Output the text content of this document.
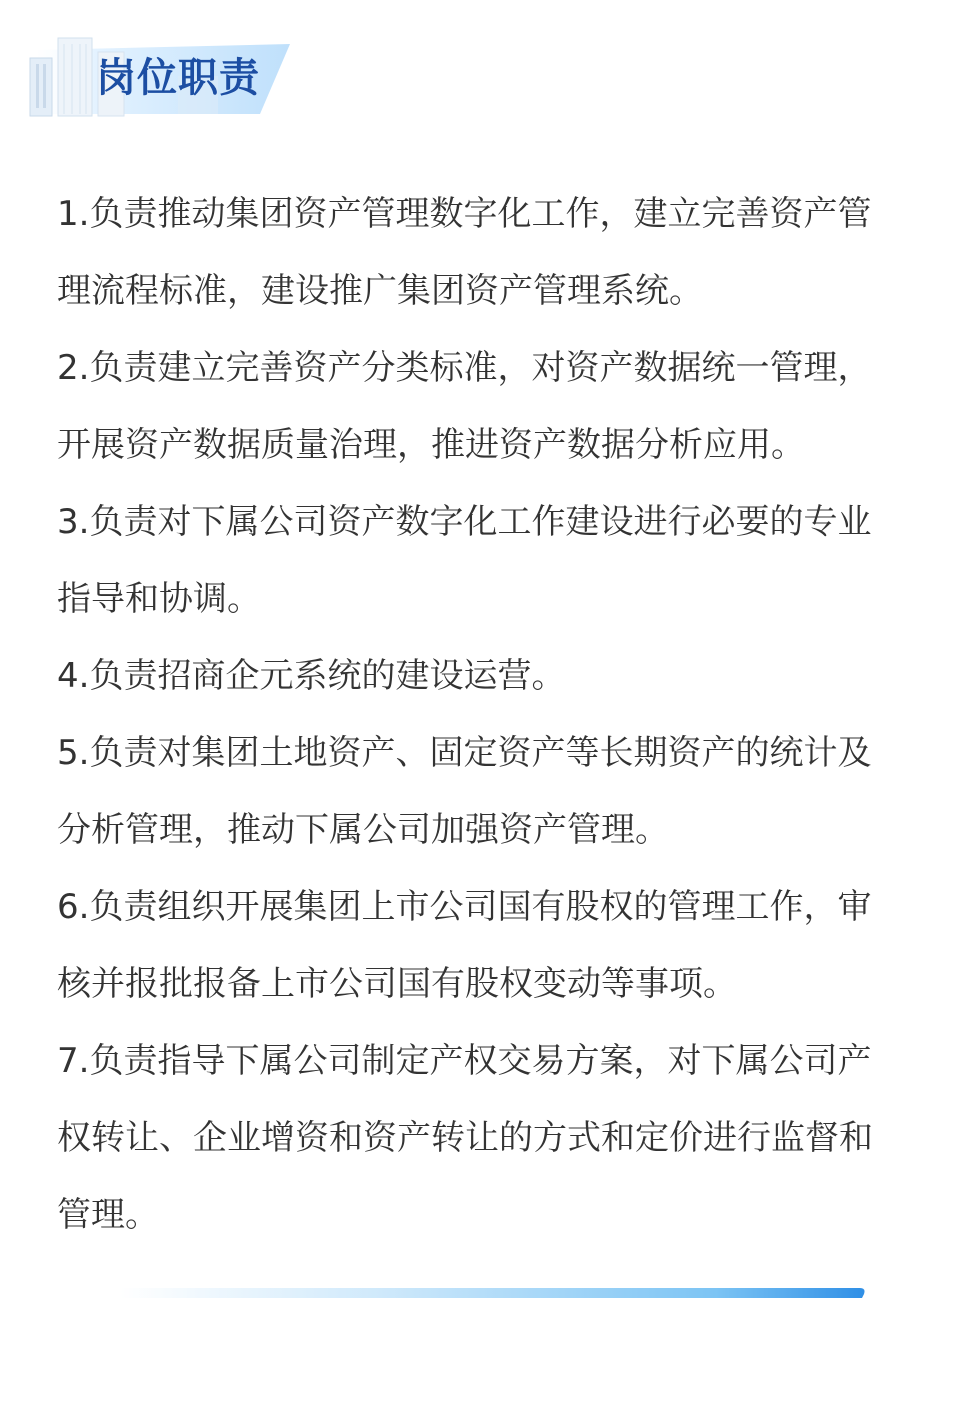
岗位职责
1.负责推动集团资产管理数字化工作，建立完善资产管理流程标准，建设推广集团资产管理系统。
2.负责建立完善资产分类标准，对资产数据统一管理，开展资产数据质量治理，推进资产数据分析应用。
3.负责对下属公司资产数字化工作建设进行必要的专业指导和协调。
4.负责招商企元系统的建设运营。
5.负责对集团土地资产、固定资产等长期资产的统计及分析管理，推动下属公司加强资产管理。
6.负责组织开展集团上市公司国有股权的管理工作，审核并报批报备上市公司国有股权变动等事项。
7.负责指导下属公司制定产权交易方案，对下属公司产权转让、企业增资和资产转让的方式和定价进行监督和管理。
